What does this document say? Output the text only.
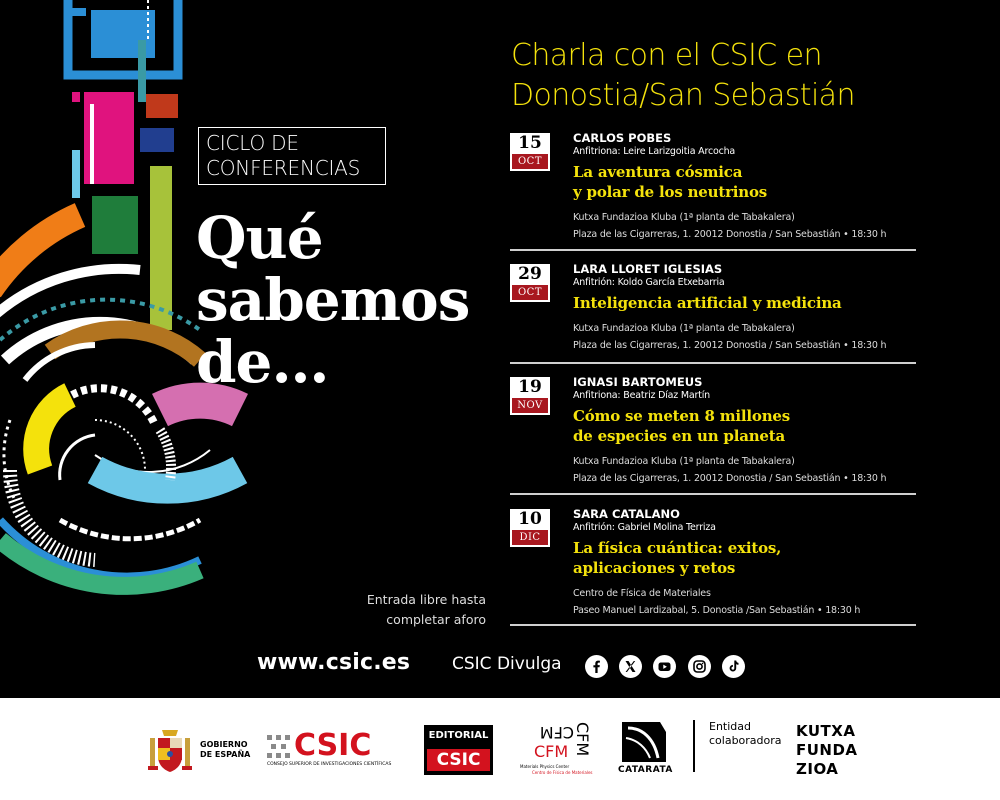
CICLO DE
CONFERENCIAS
Qué
sabemos
de…
Charla con el CSIC en
Donostia/San Sebastián
15
OCT
CARLOS POBES
Anfitriona: Leire Larizgoitia Arcocha
La aventura cósmica
y polar de los neutrinos
Kutxa Fundazioa Kluba (1ª planta de Tabakalera)
Plaza de las Cigarreras, 1. 20012 Donostia / San Sebastián • 18:30 h
29
OCT
LARA LLORET IGLESIAS
Anfitrión: Koldo García Etxebarria
Inteligencia artificial y medicina
Kutxa Fundazioa Kluba (1ª planta de Tabakalera)
Plaza de las Cigarreras, 1. 20012 Donostia / San Sebastián • 18:30 h
19
NOV
IGNASI BARTOMEUS
Anfitriona: Beatriz Díaz Martín
Cómo se meten 8 millones
de especies en un planeta
Kutxa Fundazioa Kluba (1ª planta de Tabakalera)
Plaza de las Cigarreras, 1. 20012 Donostia / San Sebastián • 18:30 h
10
DIC
SARA CATALANO
Anfitrión: Gabriel Molina Terriza
La física cuántica: exitos,
aplicaciones y retos
Centro de Física de Materiales
Paseo Manuel Lardizabal, 5. Donostia /San Sebastián • 18:30 h
Entrada libre hasta
completar aforo
www.csic.es CSIC Divulga
GOBIERNO
DE ESPAÑA CSIC
CONSEJO SUPERIOR DE INVESTIGACIONES CIENTÍFICAS
EDITORIAL
CSIC
CFM CFM
CFM
Materials Physics Center
Centro de Física de Materiales	CATARATA
Entidad
colaboradora
KUTXA
FUNDA
ZIOA
